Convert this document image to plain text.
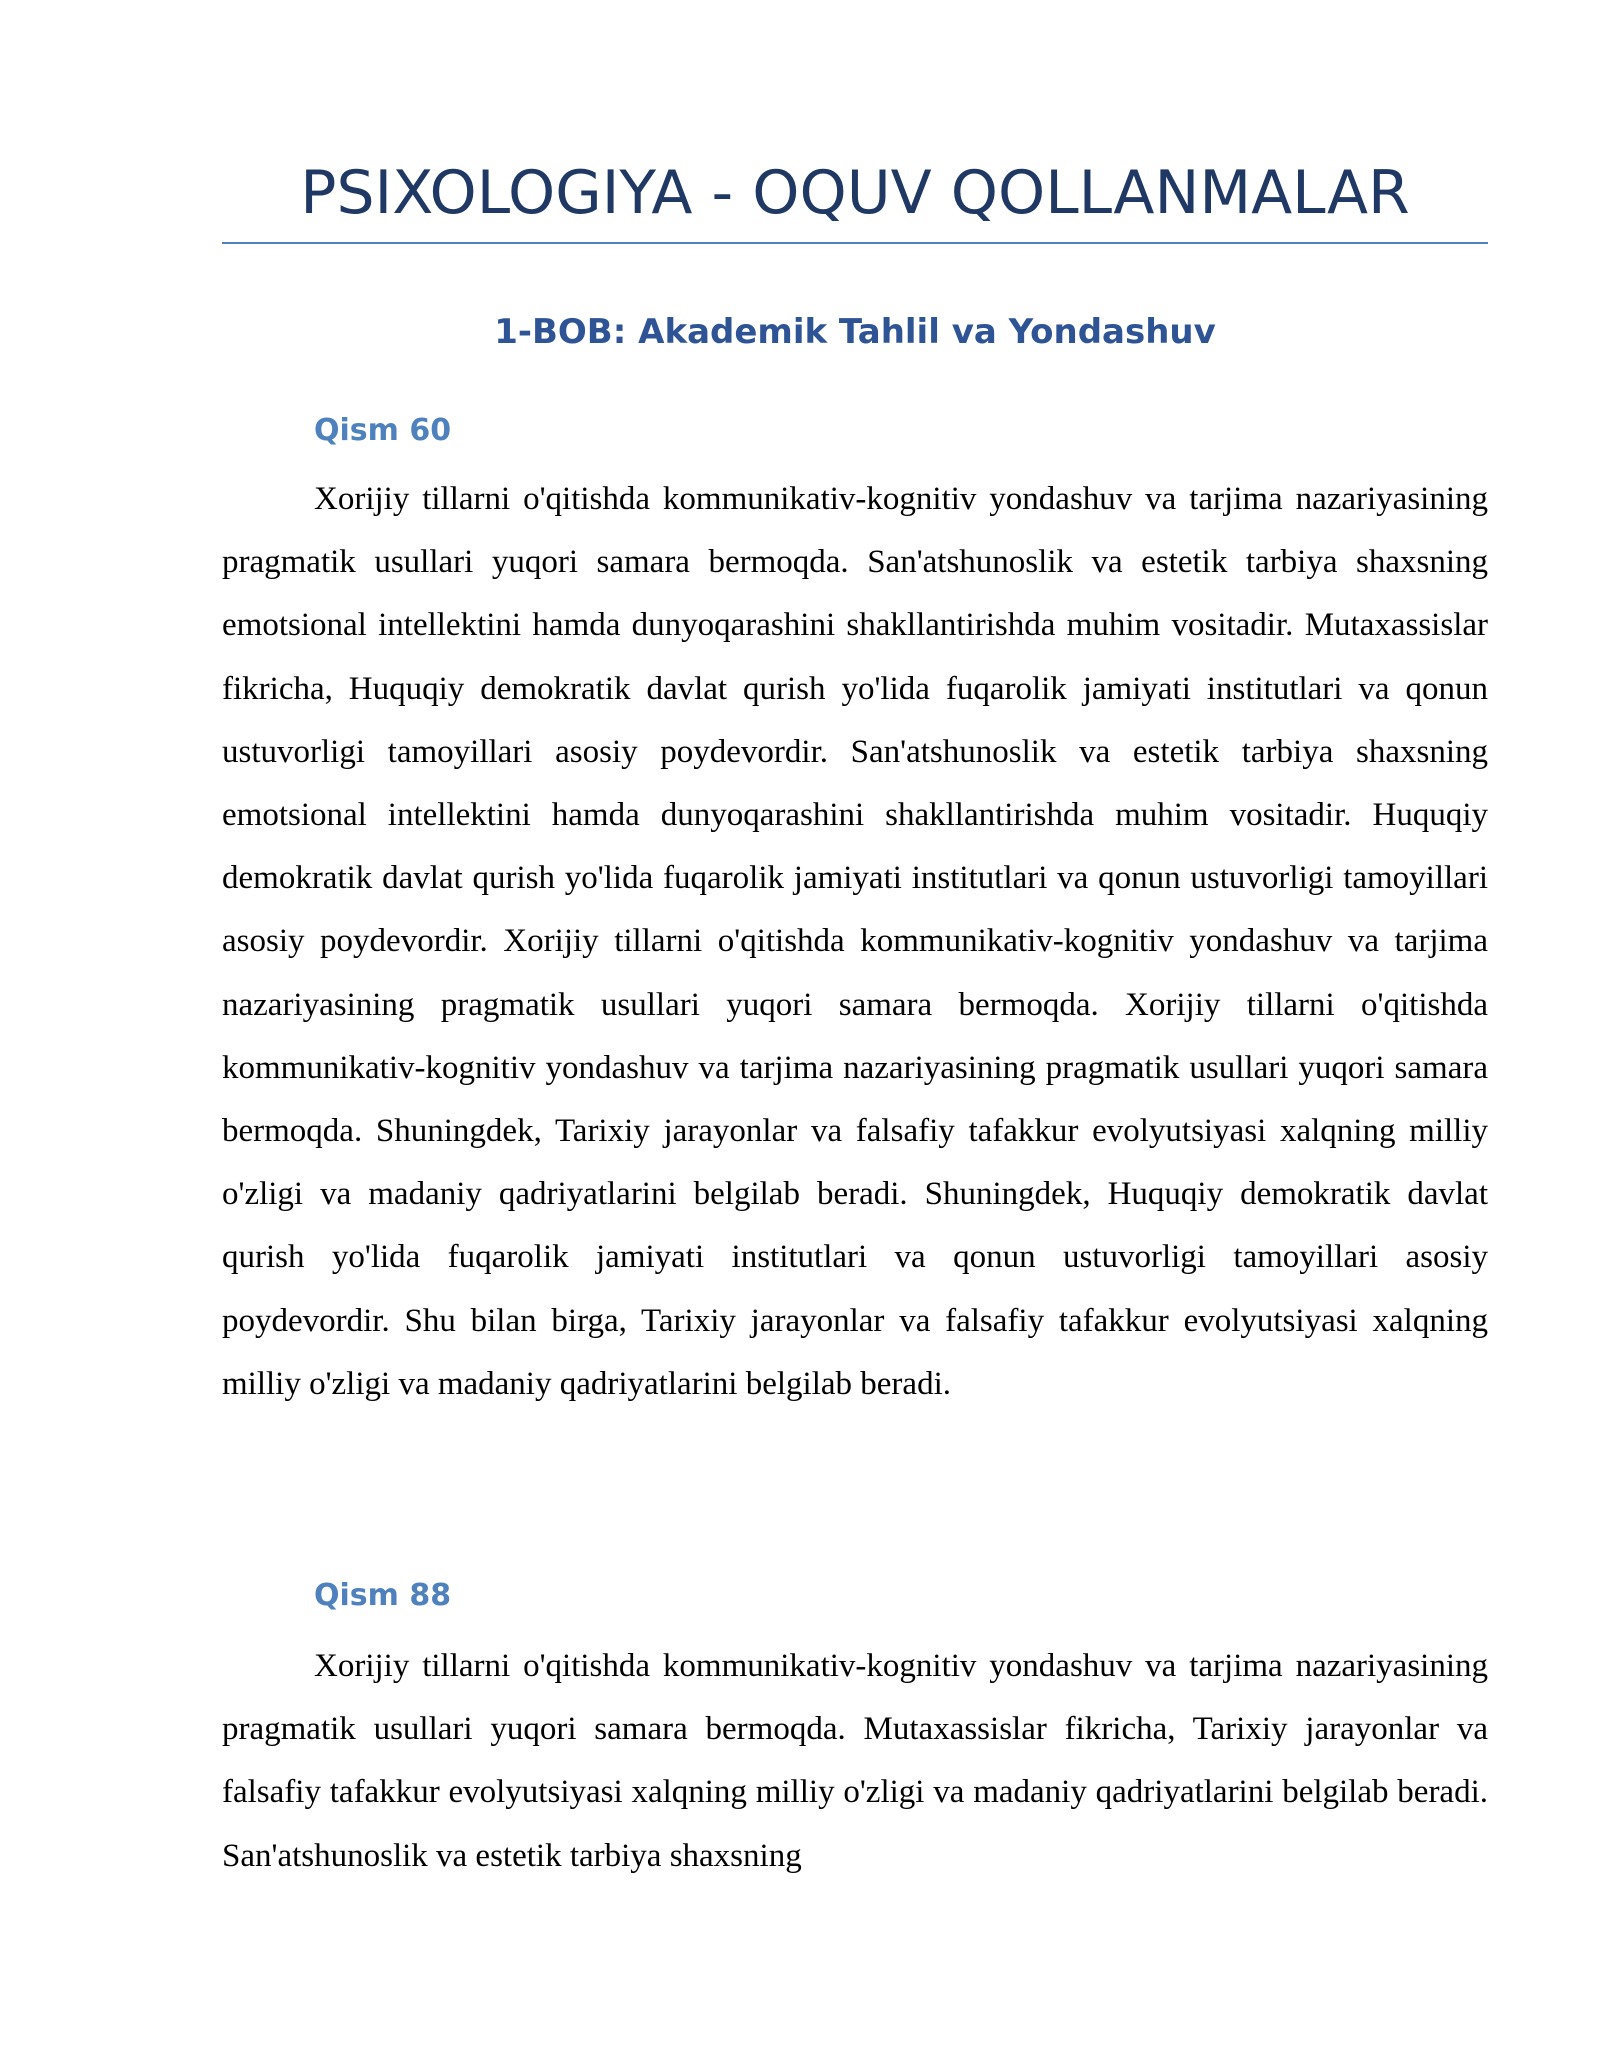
PSIXOLOGIYA - OQUV QOLLANMALAR
1-BOB: Akademik Tahlil va Yondashuv
Qism 60

Xorijiy tillarni o'qitishda kommunikativ-kognitiv yondashuv va tarjima nazariyasining pragmatik usullari yuqori samara bermoqda. San'atshunoslik va estetik tarbiya shaxsning emotsional intellektini hamda dunyoqarashini shakllantirishda muhim vositadir. Mutaxassislar fikricha, Huquqiy demokratik davlat qurish yo'lida fuqarolik jamiyati institutlari va qonun ustuvorligi tamoyillari asosiy poydevordir. San'atshunoslik va estetik tarbiya shaxsning emotsional intellektini hamda dunyoqarashini shakllantirishda muhim vositadir. Huquqiy demokratik davlat qurish yo'lida fuqarolik jamiyati institutlari va qonun ustuvorligi tamoyillari asosiy poydevordir. Xorijiy tillarni o'qitishda kommunikativ-kognitiv yondashuv va tarjima nazariyasining pragmatik usullari yuqori samara bermoqda. Xorijiy tillarni o'qitishda kommunikativ-kognitiv yondashuv va tarjima nazariyasining pragmatik usullari yuqori samara bermoqda. Shuningdek, Tarixiy jarayonlar va falsafiy tafakkur evolyutsiyasi xalqning milliy o'zligi va madaniy qadriyatlarini belgilab beradi. Shuningdek, Huquqiy demokratik davlat qurish yo'lida fuqarolik jamiyati institutlari va qonun ustuvorligi tamoyillari asosiy poydevordir. Shu bilan birga, Tarixiy jarayonlar va falsafiy tafakkur evolyutsiyasi xalqning milliy o'zligi va madaniy qadriyatlarini belgilab beradi.

Qism 88

Xorijiy tillarni o'qitishda kommunikativ-kognitiv yondashuv va tarjima nazariyasining pragmatik usullari yuqori samara bermoqda. Mutaxassislar fikricha, Tarixiy jarayonlar va falsafiy tafakkur evolyutsiyasi xalqning milliy o'zligi va madaniy qadriyatlarini belgilab beradi. San'atshunoslik va estetik tarbiya shaxsning
